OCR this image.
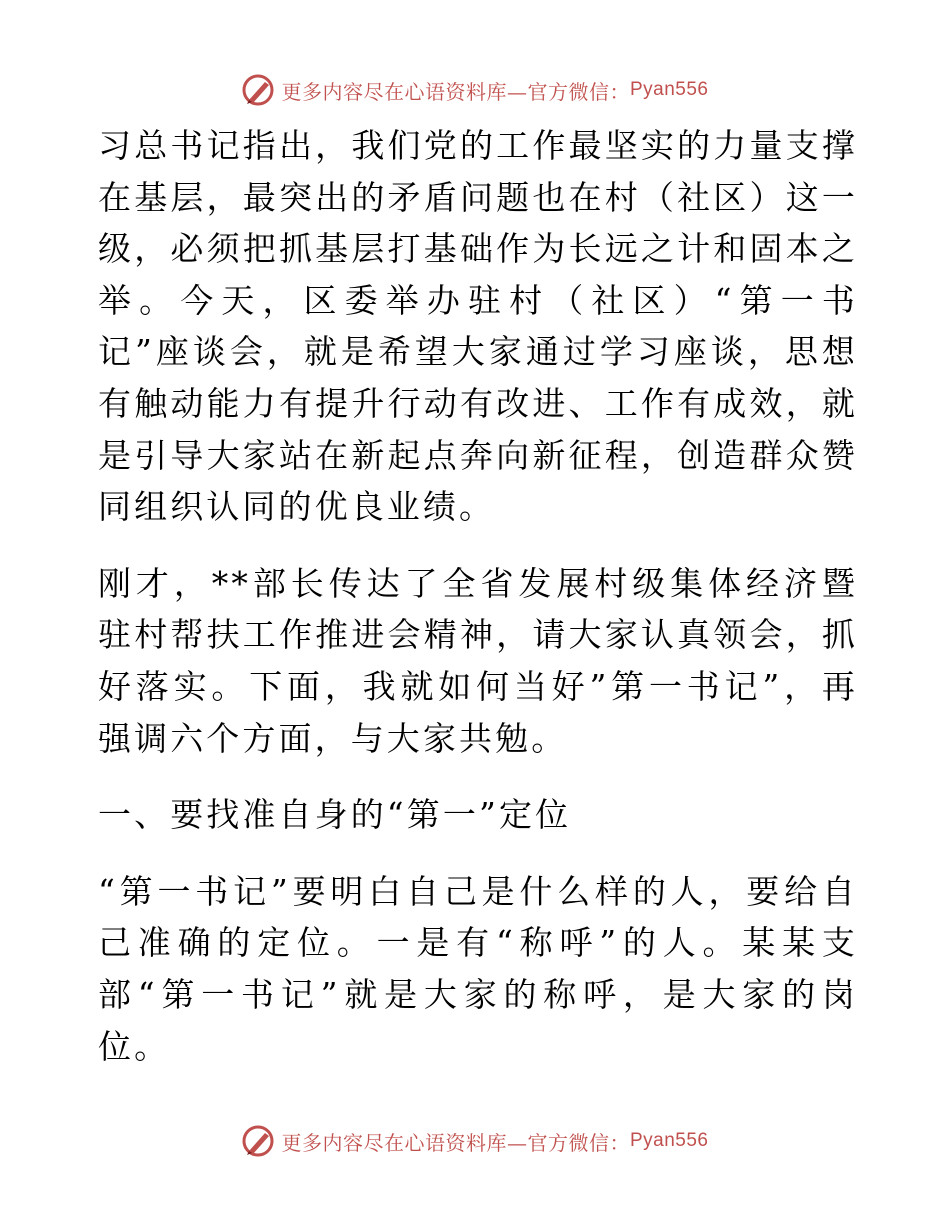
更多内容尽在心语资料库—官方微信： Pyan556

习总书记指出，我们党的工作最坚实的力量支撑在基层，最突出的矛盾问题也在村（社区）这一级，必须把抓基层打基础作为长远之计和固本之举。今天，区委举办驻村（社区）“第一书记”座谈会，就是希望大家通过学习座谈，思想有触动能力有提升行动有改进、工作有成效，就是引导大家站在新起点奔向新征程，创造群众赞同组织认同的优良业绩。

刚才，**部长传达了全省发展村级集体经济暨驻村帮扶工作推进会精神，请大家认真领会，抓好落实。下面，我就如何当好”第一书记”，再强调六个方面，与大家共勉。

一、要找准自身的“第一”定位

“第一书记”要明白自己是什么样的人，要给自己准确的定位。一是有“称呼”的人。某某支部“第一书记”就是大家的称呼，是大家的岗位。

更多内容尽在心语资料库—官方微信： Pyan556
